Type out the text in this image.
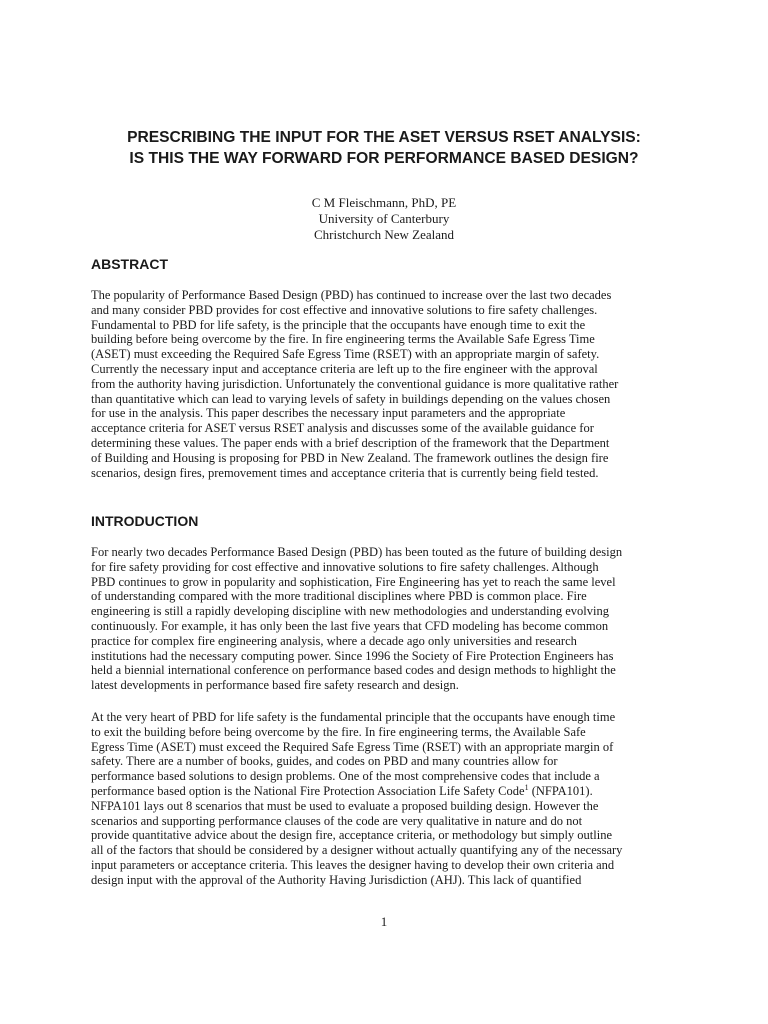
PRESCRIBING THE INPUT FOR THE ASET VERSUS RSET ANALYSIS:
IS THIS THE WAY FORWARD FOR PERFORMANCE BASED DESIGN?
C M Fleischmann, PhD, PE
University of Canterbury
Christchurch New Zealand
ABSTRACT
The popularity of Performance Based Design (PBD) has continued to increase over the last two decades
and many consider PBD provides for cost effective and innovative solutions to fire safety challenges.
Fundamental to PBD for life safety, is the principle that the occupants have enough time to exit the
building before being overcome by the fire. In fire engineering terms the Available Safe Egress Time
(ASET) must exceeding the Required Safe Egress Time (RSET) with an appropriate margin of safety.
Currently the necessary input and acceptance criteria are left up to the fire engineer with the approval
from the authority having jurisdiction. Unfortunately the conventional guidance is more qualitative rather
than quantitative which can lead to varying levels of safety in buildings depending on the values chosen
for use in the analysis. This paper describes the necessary input parameters and the appropriate
acceptance criteria for ASET versus RSET analysis and discusses some of the available guidance for
determining these values. The paper ends with a brief description of the framework that the Department
of Building and Housing is proposing for PBD in New Zealand. The framework outlines the design fire
scenarios, design fires, premovement times and acceptance criteria that is currently being field tested.
INTRODUCTION
For nearly two decades Performance Based Design (PBD) has been touted as the future of building design
for fire safety providing for cost effective and innovative solutions to fire safety challenges. Although
PBD continues to grow in popularity and sophistication, Fire Engineering has yet to reach the same level
of understanding compared with the more traditional disciplines where PBD is common place. Fire
engineering is still a rapidly developing discipline with new methodologies and understanding evolving
continuously. For example, it has only been the last five years that CFD modeling has become common
practice for complex fire engineering analysis, where a decade ago only universities and research
institutions had the necessary computing power. Since 1996 the Society of Fire Protection Engineers has
held a biennial international conference on performance based codes and design methods to highlight the
latest developments in performance based fire safety research and design.
At the very heart of PBD for life safety is the fundamental principle that the occupants have enough time
to exit the building before being overcome by the fire. In fire engineering terms, the Available Safe
Egress Time (ASET) must exceed the Required Safe Egress Time (RSET) with an appropriate margin of
safety. There are a number of books, guides, and codes on PBD and many countries allow for
performance based solutions to design problems. One of the most comprehensive codes that include a
performance based option is the National Fire Protection Association Life Safety Code$^1$ (NFPA101).
NFPA101 lays out 8 scenarios that must be used to evaluate a proposed building design. However the
scenarios and supporting performance clauses of the code are very qualitative in nature and do not
provide quantitative advice about the design fire, acceptance criteria, or methodology but simply outline
all of the factors that should be considered by a designer without actually quantifying any of the necessary
input parameters or acceptance criteria. This leaves the designer having to develop their own criteria and
design input with the approval of the Authority Having Jurisdiction (AHJ). This lack of quantified
1
